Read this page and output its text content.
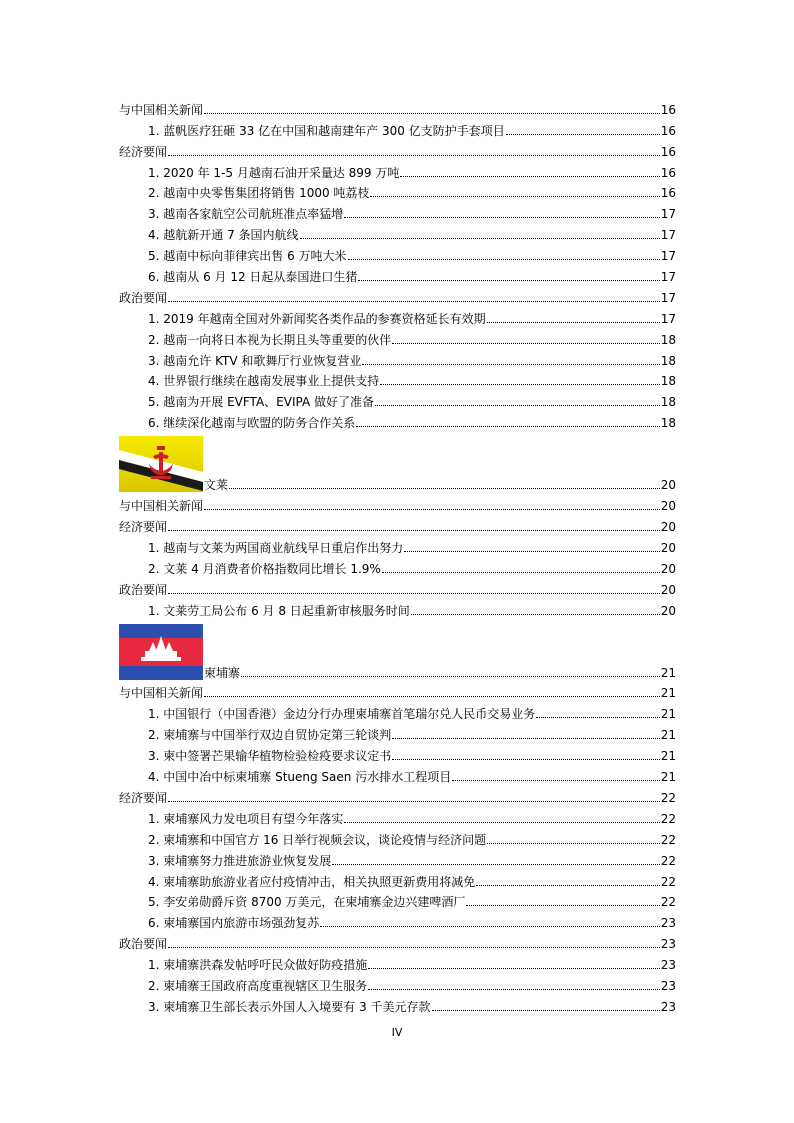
与中国相关新闻	16
1. 蓝帆医疗狂砸 33 亿在中国和越南建年产 300 亿支防护手套项目	16
经济要闻	16
1. 2020 年 1-5 月越南石油开采量达 899 万吨	16
2. 越南中央零售集团将销售 1000 吨荔枝	16
3. 越南各家航空公司航班准点率猛增	17
4. 越航新开通 7 条国内航线	17
5. 越南中标向菲律宾出售 6 万吨大米	17
6. 越南从 6 月 12 日起从泰国进口生猪	17
政治要闻	17
1. 2019 年越南全国对外新闻奖各类作品的参赛资格延长有效期	17
2. 越南一向将日本视为长期且头等重要的伙伴	18
3. 越南允许 KTV 和歌舞厅行业恢复营业	18
4. 世界银行继续在越南发展事业上提供支持	18
5. 越南为开展 EVFTA、EVIPA 做好了准备	18
6. 继续深化越南与欧盟的防务合作关系	18
文莱	20
与中国相关新闻	20
经济要闻	20
1. 越南与文莱为两国商业航线早日重启作出努力	20
2. 文莱 4 月消费者价格指数同比增长 1.9%	20
政治要闻	20
1. 文莱劳工局公布 6 月 8 日起重新审核服务时间	20
柬埔寨	21
与中国相关新闻	21
1. 中国银行（中国香港）金边分行办理柬埔寨首笔瑞尔兑人民币交易业务	21
2. 柬埔寨与中国举行双边自贸协定第三轮谈判	21
3. 柬中签署芒果输华植物检验检疫要求议定书	21
4. 中国中冶中标柬埔寨 Stueng Saen 污水排水工程项目	21
经济要闻	22
1. 柬埔寨风力发电项目有望今年落实	22
2. 柬埔寨和中国官方 16 日举行视频会议，谈论疫情与经济问题	22
3. 柬埔寨努力推进旅游业恢复发展	22
4. 柬埔寨助旅游业者应付疫情冲击，相关执照更新费用将减免	22
5. 李安弟勋爵斥资 8700 万美元，在柬埔寨金边兴建啤酒厂	22
6. 柬埔寨国内旅游市场强劲复苏	23
政治要闻	23
1. 柬埔寨洪森发帖呼吁民众做好防疫措施	23
2. 柬埔寨王国政府高度重视辖区卫生服务	23
3. 柬埔寨卫生部长表示外国人入境要有 3 千美元存款	23
IV
